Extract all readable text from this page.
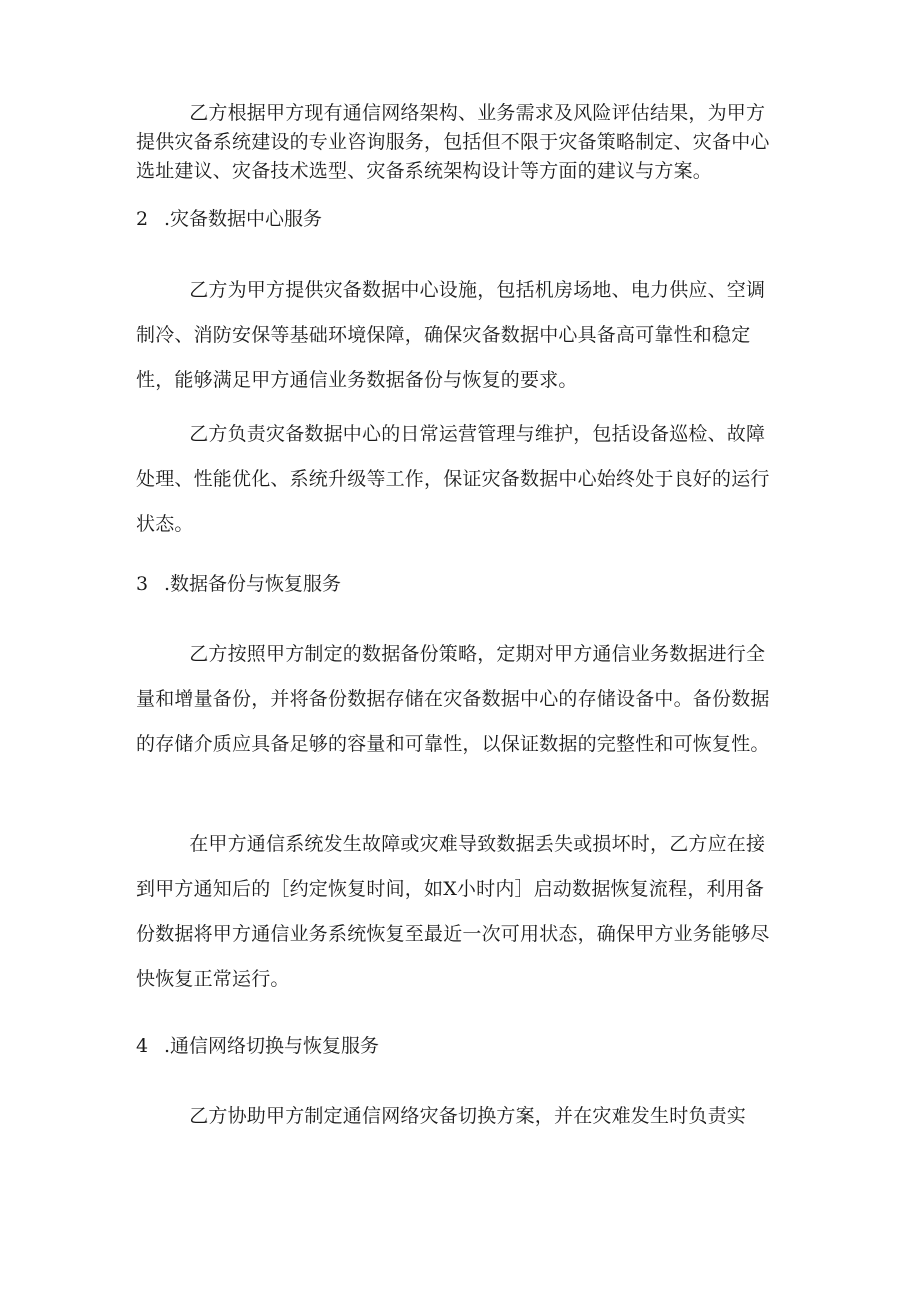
乙方根据甲方现有通信网络架构、业务需求及风险评估结果，为甲方提供灾备系统建设的专业咨询服务，包括但不限于灾备策略制定、灾备中心选址建议、灾备技术选型、灾备系统架构设计等方面的建议与方案。

2 .灾备数据中心服务

乙方为甲方提供灾备数据中心设施，包括机房场地、电力供应、空调制冷、消防安保等基础环境保障，确保灾备数据中心具备高可靠性和稳定性，能够满足甲方通信业务数据备份与恢复的要求。

乙方负责灾备数据中心的日常运营管理与维护，包括设备巡检、故障处理、性能优化、系统升级等工作，保证灾备数据中心始终处于良好的运行状态。

3 .数据备份与恢复服务

乙方按照甲方制定的数据备份策略，定期对甲方通信业务数据进行全量和增量备份，并将备份数据存储在灾备数据中心的存储设备中。备份数据的存储介质应具备足够的容量和可靠性，以保证数据的完整性和可恢复性。

在甲方通信系统发生故障或灾难导致数据丢失或损坏时，乙方应在接到甲方通知后的［约定恢复时间，如X小时内］启动数据恢复流程，利用备份数据将甲方通信业务系统恢复至最近一次可用状态，确保甲方业务能够尽快恢复正常运行。

4 .通信网络切换与恢复服务

乙方协助甲方制定通信网络灾备切换方案，并在灾难发生时负责实
